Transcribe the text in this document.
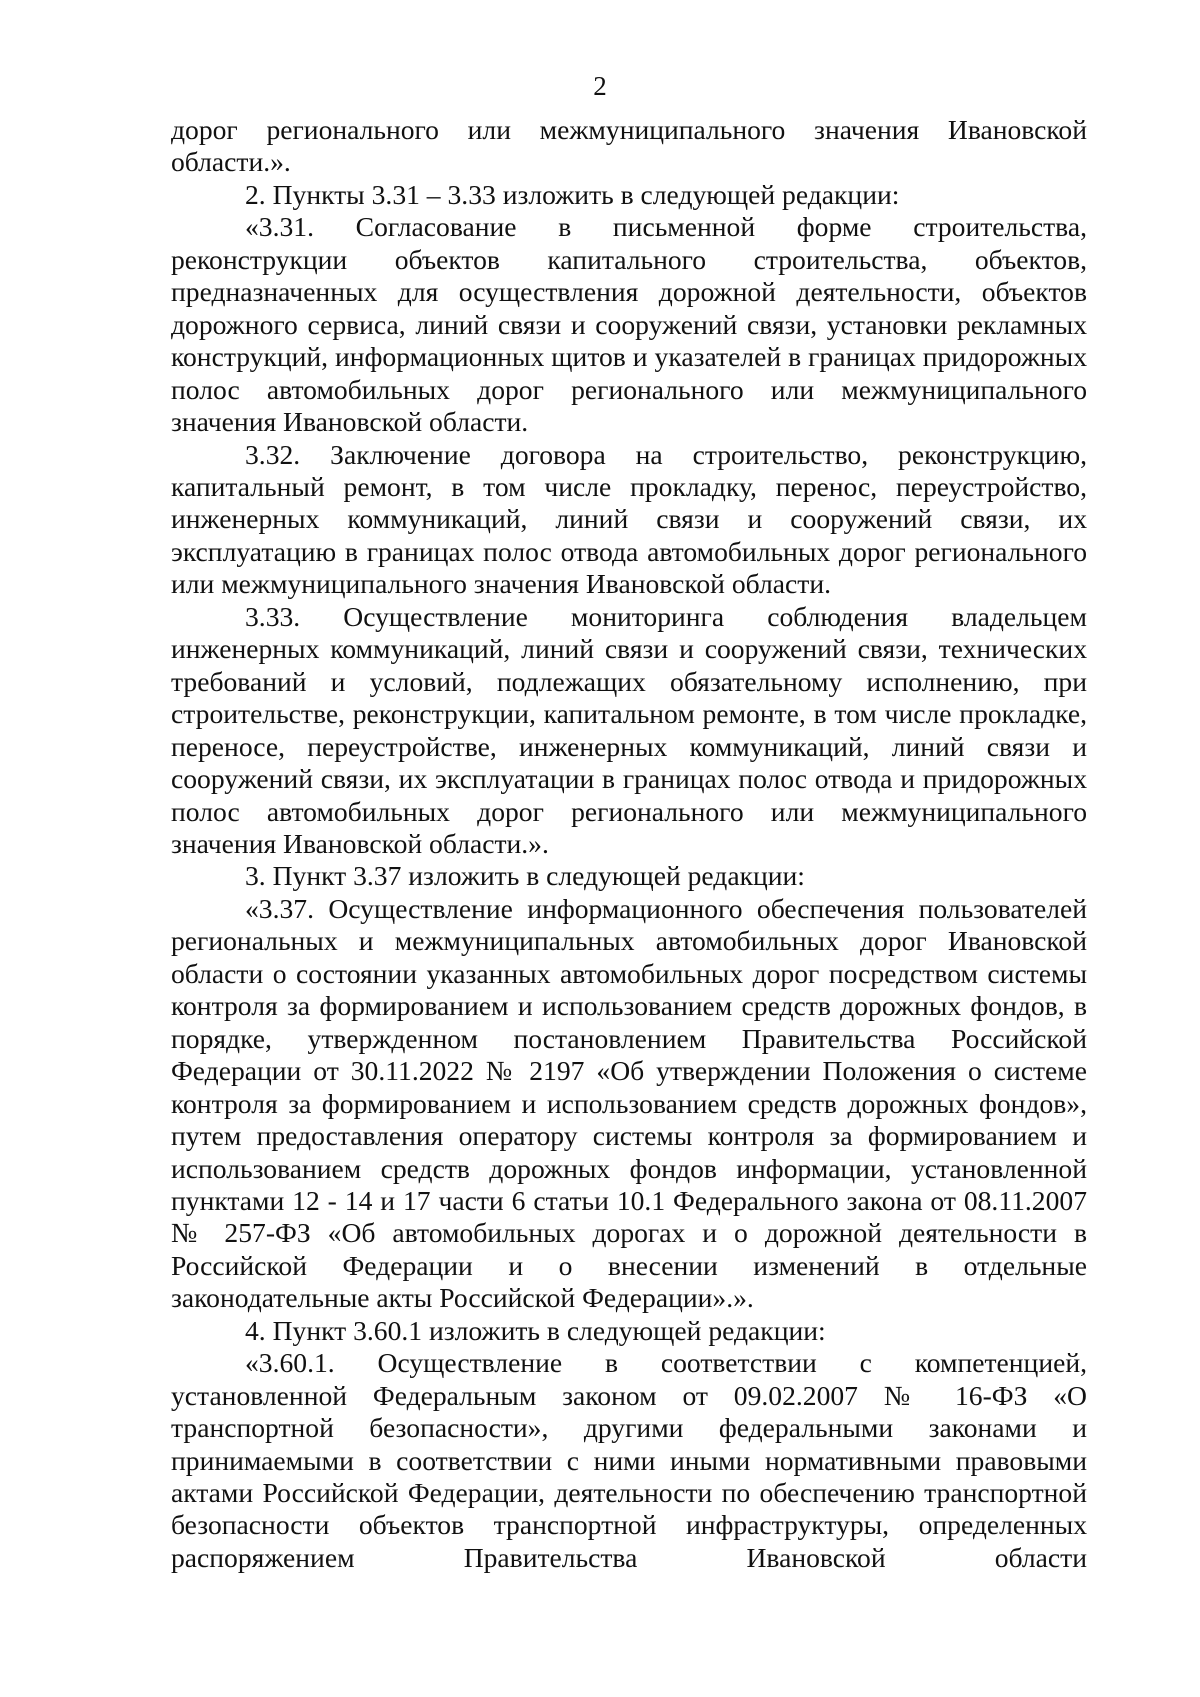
2

дорог регионального или межмуниципального значения Ивановской области.».

2. Пункты 3.31 – 3.33 изложить в следующей редакции:

«3.31. Согласование в письменной форме строительства, реконструкции объектов капитального строительства, объектов, предназначенных для осуществления дорожной деятельности, объектов дорожного сервиса, линий связи и сооружений связи, установки рекламных конструкций, информационных щитов и указателей в границах придорожных полос автомобильных дорог регионального или межмуниципального значения Ивановской области.

3.32. Заключение договора на строительство, реконструкцию, капитальный ремонт, в том числе прокладку, перенос, переустройство, инженерных коммуникаций, линий связи и сооружений связи, их эксплуатацию в границах полос отвода автомобильных дорог регионального или межмуниципального значения Ивановской области.

3.33. Осуществление мониторинга соблюдения владельцем инженерных коммуникаций, линий связи и сооружений связи, технических требований и условий, подлежащих обязательному исполнению, при строительстве, реконструкции, капитальном ремонте, в том числе прокладке, переносе, переустройстве, инженерных коммуникаций, линий связи и сооружений связи, их эксплуатации в границах полос отвода и придорожных полос автомобильных дорог регионального или межмуниципального значения Ивановской области.».

3. Пункт 3.37 изложить в следующей редакции:

«3.37. Осуществление информационного обеспечения пользователей региональных и межмуниципальных автомобильных дорог Ивановской области о состоянии указанных автомобильных дорог посредством системы контроля за формированием и использованием средств дорожных фондов, в порядке, утвержденном постановлением Правительства Российской Федерации от 30.11.2022 № 2197 «Об утверждении Положения о системе контроля за формированием и использованием средств дорожных фондов», путем предоставления оператору системы контроля за формированием и использованием средств дорожных фондов информации, установленной пунктами 12 - 14 и 17 части 6 статьи 10.1 Федерального закона от 08.11.2007 № 257-ФЗ «Об автомобильных дорогах и о дорожной деятельности в Российской Федерации и о внесении изменений в отдельные законодательные акты Российской Федерации».».

4. Пункт 3.60.1 изложить в следующей редакции:

«3.60.1. Осуществление в соответствии с компетенцией, установленной Федеральным законом от 09.02.2007 № 16-ФЗ «О транспортной безопасности», другими федеральными законами и принимаемыми в соответствии с ними иными нормативными правовыми актами Российской Федерации, деятельности по обеспечению транспортной безопасности объектов транспортной инфраструктуры, определенных распоряжением Правительства Ивановской области
